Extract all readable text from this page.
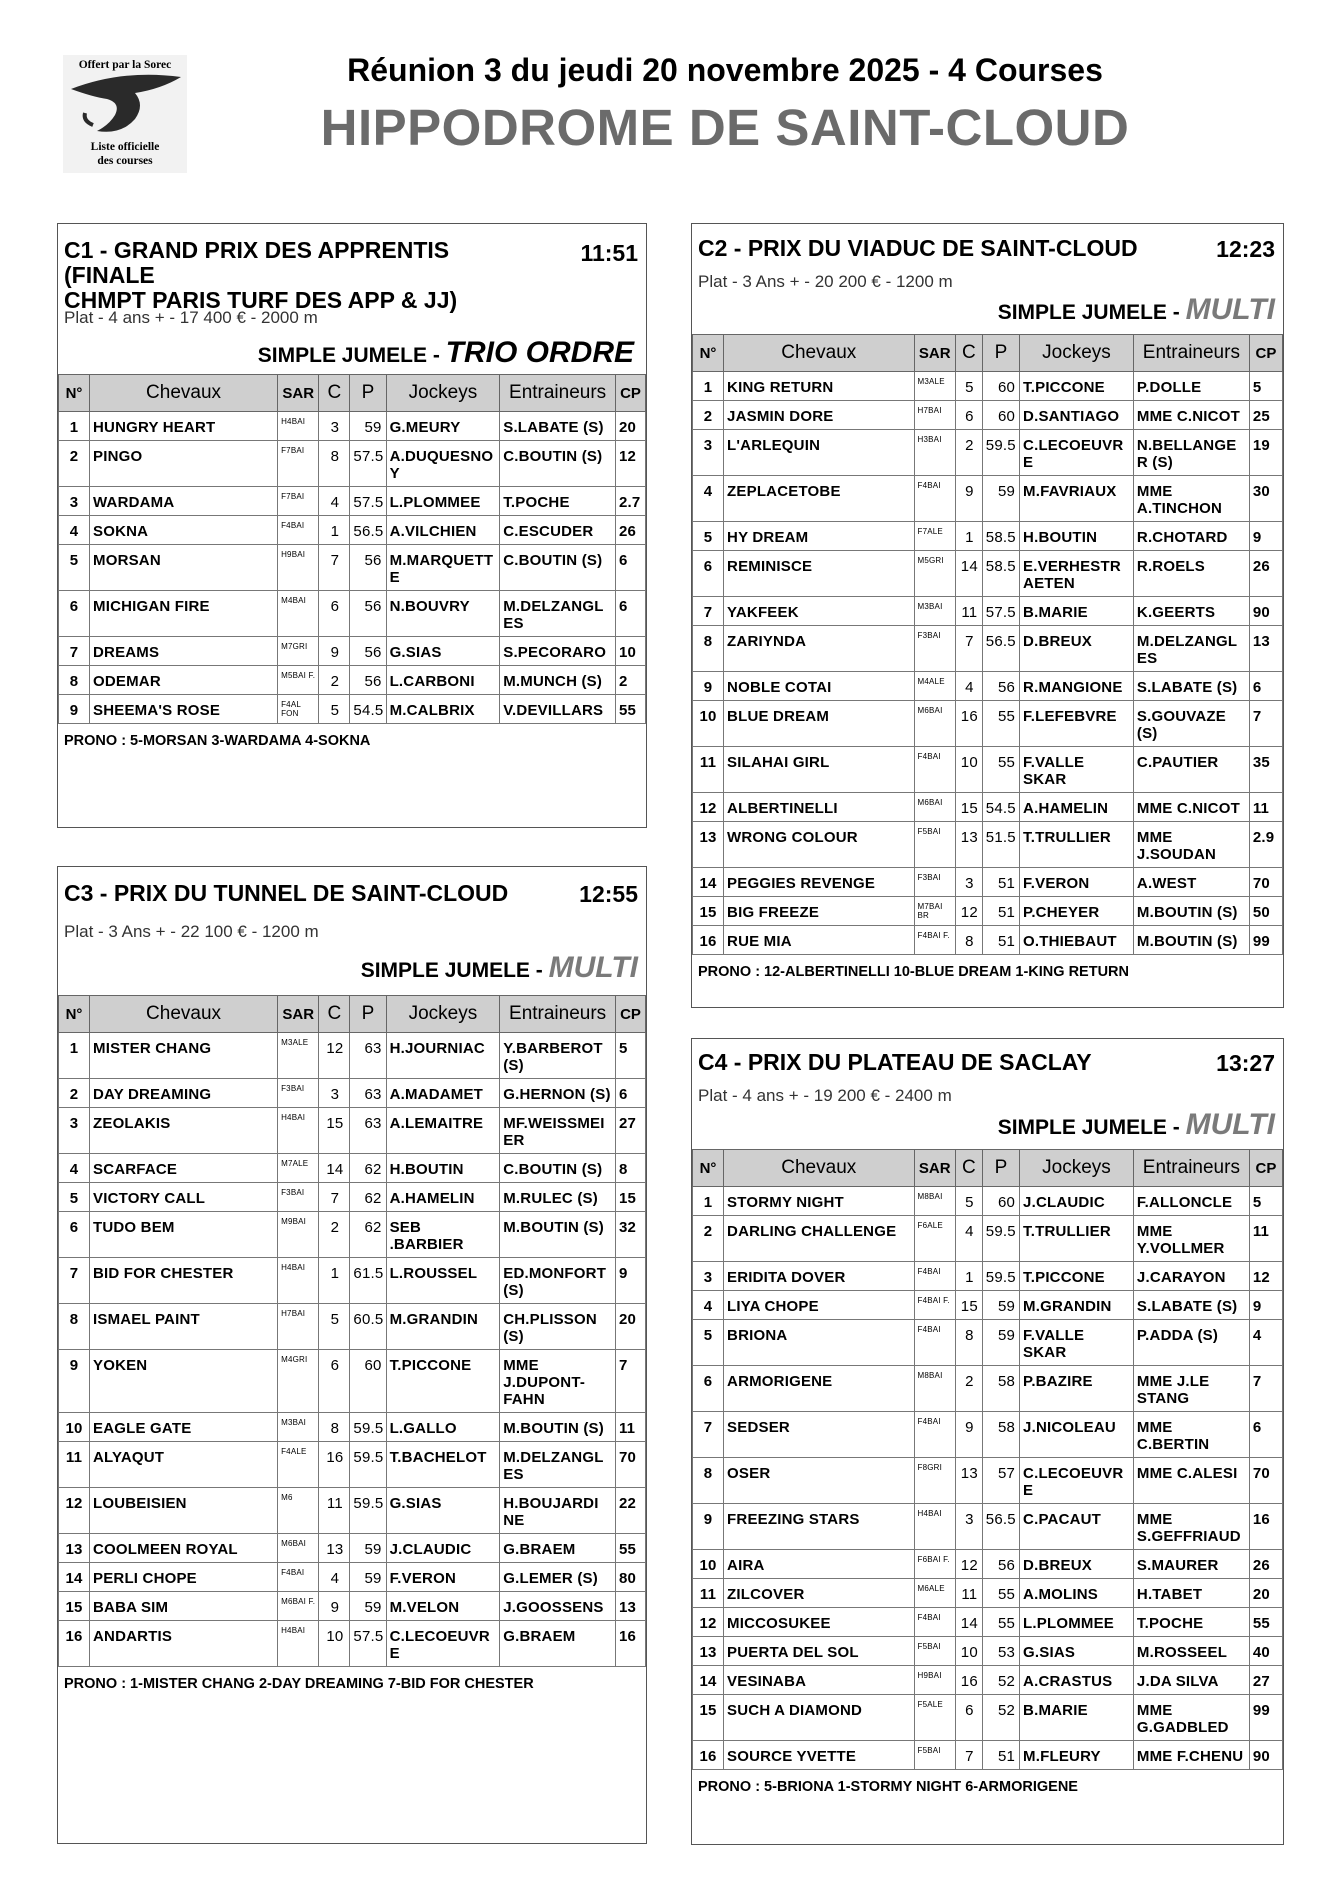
Offert par la Sorec
Liste officielle
des courses
Réunion 3 du jeudi 20 novembre 2025 - 4 Courses
HIPPODROME DE SAINT-CLOUD
C1 - GRAND PRIX DES APPRENTIS (FINALE
CHMPT PARIS TURF DES APP & JJ)
11:51
Plat - 4 ans + - 17 400 € - 2000 m
SIMPLE JUMELE - TRIO ORDRE
N°	Chevaux	SAR	C	P	Jockeys	Entraineurs	CP
1	HUNGRY HEART	H4BAI	3	59	G.MEURY	S.LABATE (S)	20
2	PINGO	F7BAI	8	57.5	A.DUQUESNO Y	C.BOUTIN (S)	12
3	WARDAMA	F7BAI	4	57.5	L.PLOMMEE	T.POCHE	2.7
4	SOKNA	F4BAI	1	56.5	A.VILCHIEN	C.ESCUDER	26
5	MORSAN	H9BAI	7	56	M.MARQUETT E	C.BOUTIN (S)	6
6	MICHIGAN FIRE	M4BAI	6	56	N.BOUVRY	M.DELZANGL ES	6
7	DREAMS	M7GRI	9	56	G.SIAS	S.PECORARO	10
8	ODEMAR	M5BAI F.	2	56	L.CARBONI	M.MUNCH (S)	2
9	SHEEMA'S ROSE	F4AL FON	5	54.5	M.CALBRIX	V.DEVILLARS	55
PRONO : 5-MORSAN 3-WARDAMA 4-SOKNA
C2 - PRIX DU VIADUC DE SAINT-CLOUD	12:23
Plat - 3 Ans + - 20 200 € - 1200 m
SIMPLE JUMELE - MULTI
N°	Chevaux	SAR	C	P	Jockeys	Entraineurs	CP
1	KING RETURN	M3ALE	5	60	T.PICCONE	P.DOLLE	5
2	JASMIN DORE	H7BAI	6	60	D.SANTIAGO	MME C.NICOT	25
3	L'ARLEQUIN	H3BAI	2	59.5	C.LECOEUVR E	N.BELLANGE R (S)	19
4	ZEPLACETOBE	F4BAI	9	59	M.FAVRIAUX	MME A.TINCHON	30
5	HY DREAM	F7ALE	1	58.5	H.BOUTIN	R.CHOTARD	9
6	REMINISCE	M5GRI	14	58.5	E.VERHESTR AETEN	R.ROELS	26
7	YAKFEEK	M3BAI	11	57.5	B.MARIE	K.GEERTS	90
8	ZARIYNDA	F3BAI	7	56.5	D.BREUX	M.DELZANGL ES	13
9	NOBLE COTAI	M4ALE	4	56	R.MANGIONE	S.LABATE (S)	6
10	BLUE DREAM	M6BAI	16	55	F.LEFEBVRE	S.GOUVAZE (S)	7
11	SILAHAI GIRL	F4BAI	10	55	F.VALLE SKAR	C.PAUTIER	35
12	ALBERTINELLI	M6BAI	15	54.5	A.HAMELIN	MME C.NICOT	11
13	WRONG COLOUR	F5BAI	13	51.5	T.TRULLIER	MME J.SOUDAN	2.9
14	PEGGIES REVENGE	F3BAI	3	51	F.VERON	A.WEST	70
15	BIG FREEZE	M7BAI BR	12	51	P.CHEYER	M.BOUTIN (S)	50
16	RUE MIA	F4BAI F.	8	51	O.THIEBAUT	M.BOUTIN (S)	99
PRONO : 12-ALBERTINELLI 10-BLUE DREAM 1-KING RETURN
C3 - PRIX DU TUNNEL DE SAINT-CLOUD	12:55
Plat - 3 Ans + - 22 100 € - 1200 m
SIMPLE JUMELE - MULTI
N°	Chevaux	SAR	C	P	Jockeys	Entraineurs	CP
1	MISTER CHANG	M3ALE	12	63	H.JOURNIAC	Y.BARBEROT (S)	5
2	DAY DREAMING	F3BAI	3	63	A.MADAMET	G.HERNON (S)	6
3	ZEOLAKIS	H4BAI	15	63	A.LEMAITRE	MF.WEISSMEI ER	27
4	SCARFACE	M7ALE	14	62	H.BOUTIN	C.BOUTIN (S)	8
5	VICTORY CALL	F3BAI	7	62	A.HAMELIN	M.RULEC (S)	15
6	TUDO BEM	M9BAI	2	62	SEB .BARBIER	M.BOUTIN (S)	32
7	BID FOR CHESTER	H4BAI	1	61.5	L.ROUSSEL	ED.MONFORT (S)	9
8	ISMAEL PAINT	H7BAI	5	60.5	M.GRANDIN	CH.PLISSON (S)	20
9	YOKEN	M4GRI	6	60	T.PICCONE	MME J.DUPONT-FAHN	7
10	EAGLE GATE	M3BAI	8	59.5	L.GALLO	M.BOUTIN (S)	11
11	ALYAQUT	F4ALE	16	59.5	T.BACHELOT	M.DELZANGL ES	70
12	LOUBEISIEN	M6	11	59.5	G.SIAS	H.BOUJARDI NE	22
13	COOLMEEN ROYAL	M6BAI	13	59	J.CLAUDIC	G.BRAEM	55
14	PERLI CHOPE	F4BAI	4	59	F.VERON	G.LEMER (S)	80
15	BABA SIM	M6BAI F.	9	59	M.VELON	J.GOOSSENS	13
16	ANDARTIS	H4BAI	10	57.5	C.LECOEUVR E	G.BRAEM	16
PRONO : 1-MISTER CHANG 2-DAY DREAMING 7-BID FOR CHESTER
C4 - PRIX DU PLATEAU DE SACLAY	13:27
Plat - 4 ans + - 19 200 € - 2400 m
SIMPLE JUMELE - MULTI
N°	Chevaux	SAR	C	P	Jockeys	Entraineurs	CP
1	STORMY NIGHT	M8BAI	5	60	J.CLAUDIC	F.ALLONCLE	5
2	DARLING CHALLENGE	F6ALE	4	59.5	T.TRULLIER	MME Y.VOLLMER	11
3	ERIDITA DOVER	F4BAI	1	59.5	T.PICCONE	J.CARAYON	12
4	LIYA CHOPE	F4BAI F.	15	59	M.GRANDIN	S.LABATE (S)	9
5	BRIONA	F4BAI	8	59	F.VALLE SKAR	P.ADDA (S)	4
6	ARMORIGENE	M8BAI	2	58	P.BAZIRE	MME J.LE STANG	7
7	SEDSER	F4BAI	9	58	J.NICOLEAU	MME C.BERTIN	6
8	OSER	F8GRI	13	57	C.LECOEUVR E	MME C.ALESI	70
9	FREEZING STARS	H4BAI	3	56.5	C.PACAUT	MME S.GEFFRIAUD	16
10	AIRA	F6BAI F.	12	56	D.BREUX	S.MAURER	26
11	ZILCOVER	M6ALE	11	55	A.MOLINS	H.TABET	20
12	MICCOSUKEE	F4BAI	14	55	L.PLOMMEE	T.POCHE	55
13	PUERTA DEL SOL	F5BAI	10	53	G.SIAS	M.ROSSEEL	40
14	VESINABA	H9BAI	16	52	A.CRASTUS	J.DA SILVA	27
15	SUCH A DIAMOND	F5ALE	6	52	B.MARIE	MME G.GADBLED	99
16	SOURCE YVETTE	F5BAI	7	51	M.FLEURY	MME F.CHENU	90
PRONO : 5-BRIONA 1-STORMY NIGHT 6-ARMORIGENE
